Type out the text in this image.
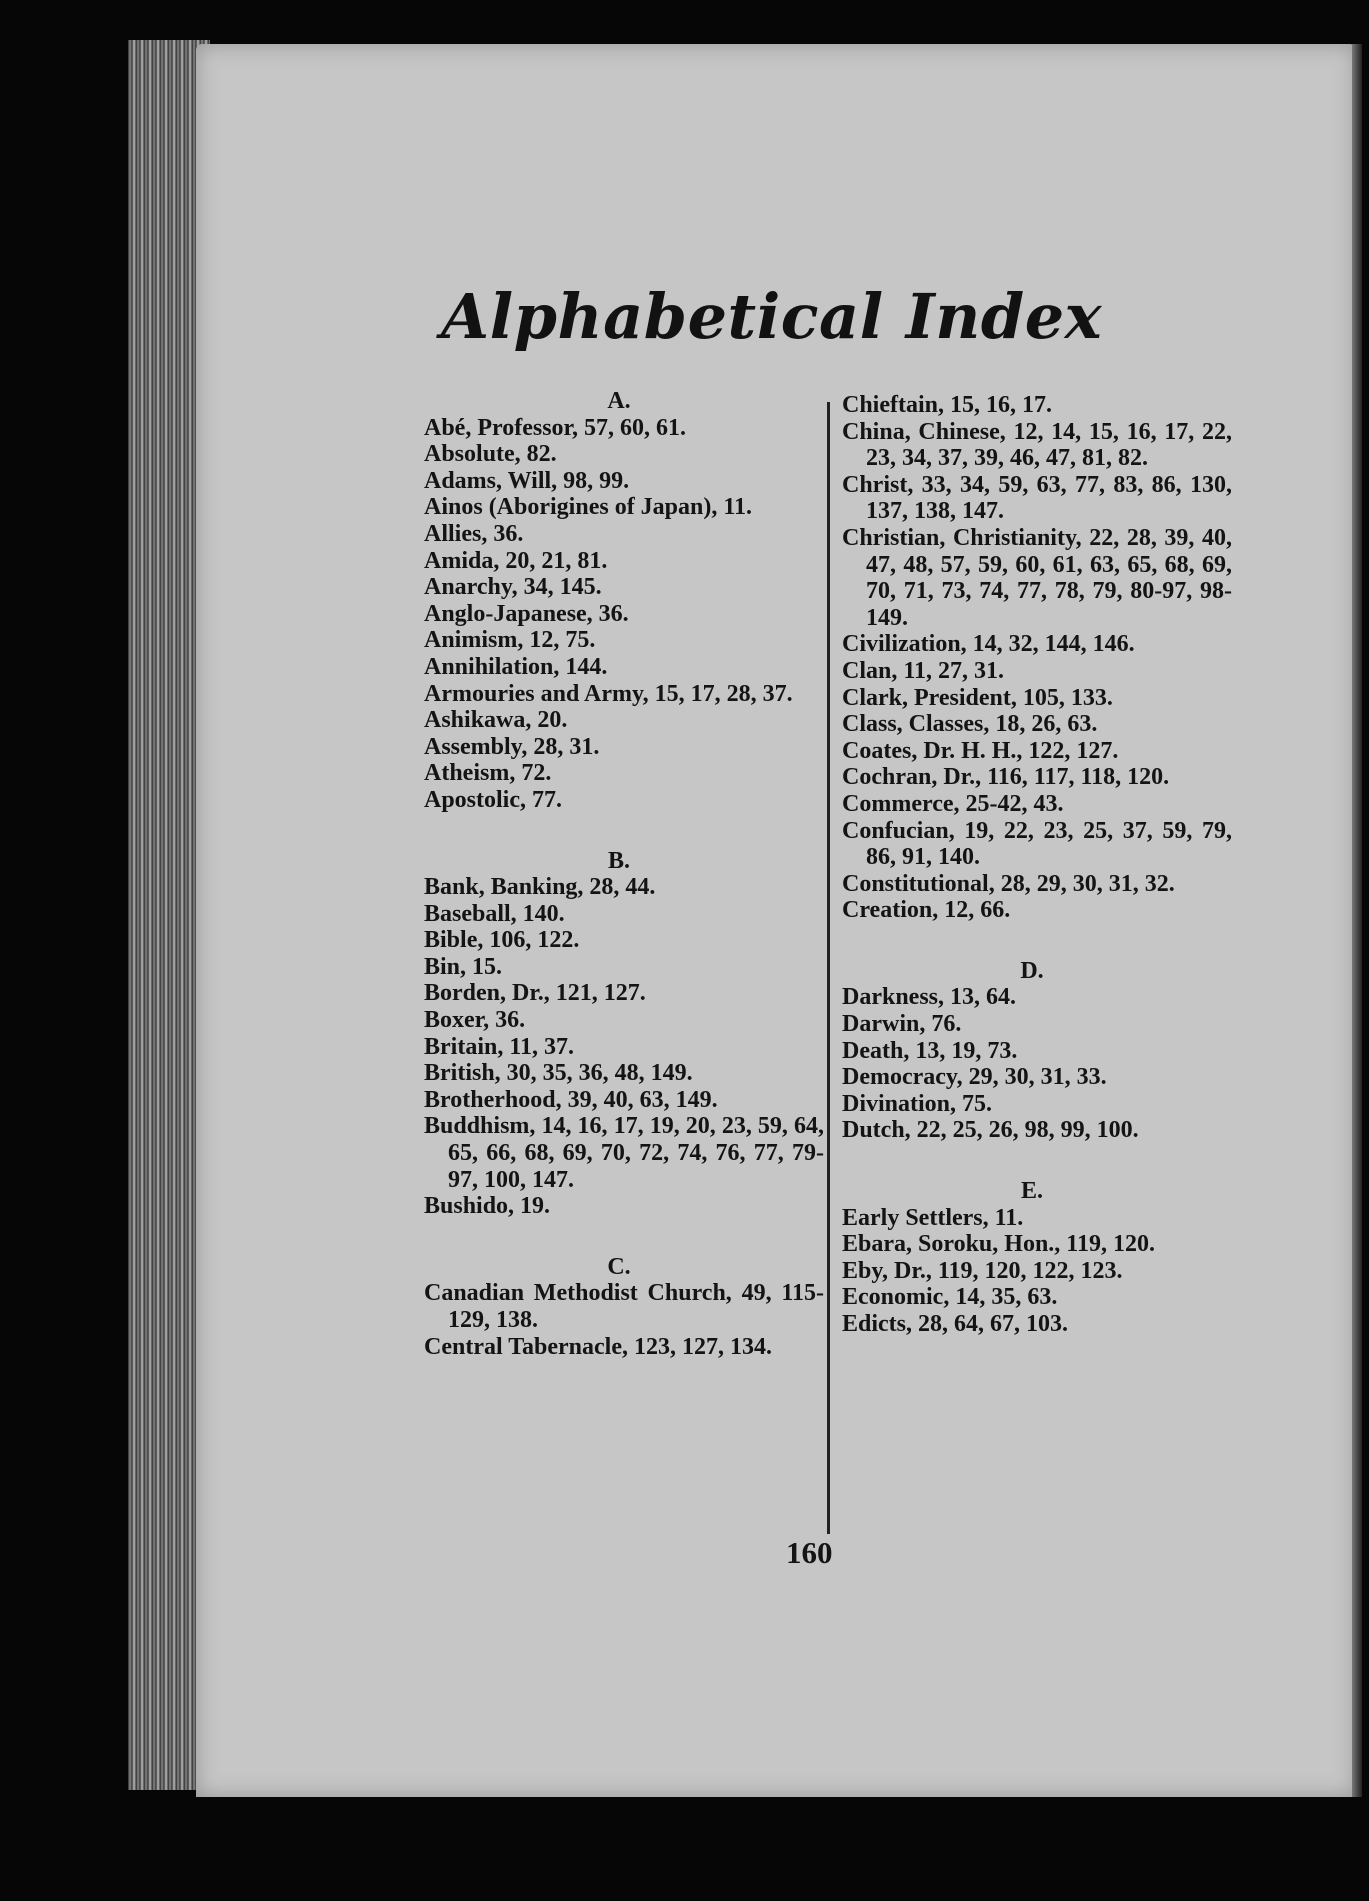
Alphabetical Index
A.
Abé, Professor, 57, 60, 61.
Absolute, 82.
Adams, Will, 98, 99.
Ainos (Aborigines of Japan), 11.
Allies, 36.
Amida, 20, 21, 81.
Anarchy, 34, 145.
Anglo-Japanese, 36.
Animism, 12, 75.
Annihilation, 144.
Armouries and Army, 15, 17, 28, 37.
Ashikawa, 20.
Assembly, 28, 31.
Atheism, 72.
Apostolic, 77.
B.
Bank, Banking, 28, 44.
Baseball, 140.
Bible, 106, 122.
Bin, 15.
Borden, Dr., 121, 127.
Boxer, 36.
Britain, 11, 37.
British, 30, 35, 36, 48, 149.
Brotherhood, 39, 40, 63, 149.
Buddhism, 14, 16, 17, 19, 20, 23, 59, 64, 65, 66, 68, 69, 70, 72, 74, 76, 77, 79-97, 100, 147.
Bushido, 19.
C.
Canadian Methodist Church, 49, 115-129, 138.
Central Tabernacle, 123, 127, 134.
Chieftain, 15, 16, 17.
China, Chinese, 12, 14, 15, 16, 17, 22, 23, 34, 37, 39, 46, 47, 81, 82.
Christ, 33, 34, 59, 63, 77, 83, 86, 130, 137, 138, 147.
Christian, Christianity, 22, 28, 39, 40, 47, 48, 57, 59, 60, 61, 63, 65, 68, 69, 70, 71, 73, 74, 77, 78, 79, 80-97, 98-149.
Civilization, 14, 32, 144, 146.
Clan, 11, 27, 31.
Clark, President, 105, 133.
Class, Classes, 18, 26, 63.
Coates, Dr. H. H., 122, 127.
Cochran, Dr., 116, 117, 118, 120.
Commerce, 25-42, 43.
Confucian, 19, 22, 23, 25, 37, 59, 79, 86, 91, 140.
Constitutional, 28, 29, 30, 31, 32.
Creation, 12, 66.
D.
Darkness, 13, 64.
Darwin, 76.
Death, 13, 19, 73.
Democracy, 29, 30, 31, 33.
Divination, 75.
Dutch, 22, 25, 26, 98, 99, 100.
E.
Early Settlers, 11.
Ebara, Soroku, Hon., 119, 120.
Eby, Dr., 119, 120, 122, 123.
Economic, 14, 35, 63.
Edicts, 28, 64, 67, 103.
160
